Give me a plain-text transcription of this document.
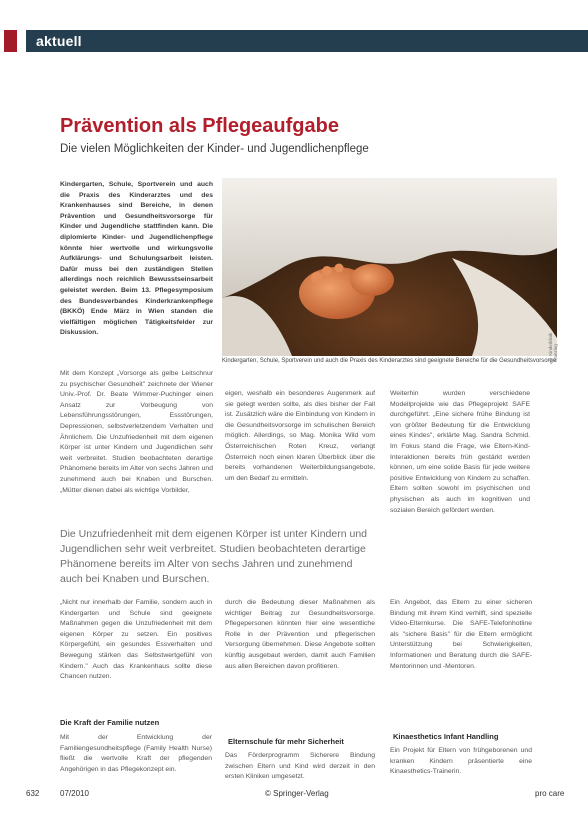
aktuell
Prävention als Pflegeaufgabe
Die vielen Möglichkeiten der Kinder- und Jugendlichenpflege

Kindergarten, Schule, Sportverein und auch die Praxis des Kinderarztes und des Krankenhauses sind Bereiche, in denen Prävention und Gesundheitsvorsorge für Kinder und Jugendliche stattfinden kann. Die diplomierte Kinder- und Jugendlichenpflege könnte hier wertvolle und wirkungsvolle Aufklärungs- und Schulungsarbeit leisten. Dafür muss bei den zuständigen Stellen allerdings noch reichlich Bewusstseinsarbeit geleistet werden. Beim 13. Pflegesymposium des Bundesverbandes Kinderkrankenpflege (BKKÖ) Ende März in Wien standen die vielfältigen möglichen Tätigkeitsfelder zur Diskussion.

Mit dem Konzept „Vorsorge als gelbe Leitschnur zu psychischer Gesundheit" zeichnete der Wiener Univ.-Prof. Dr. Beate Wimmer-Puchinger einen Ansatz zur Vorbeugung von Lebensführungsstörungen, Essstörungen, Depressionen, selbstverletzendem Verhalten und Ähnlichem. Die Unzufriedenheit mit dem eigenen Körper ist unter Kindern und Jugendlichen sehr weit verbreitet. Studien beobachteten derartige Phänomene bereits im Alter von sechs Jahren und zunehmend auch bei Knaben und Burschen. „Mütter dienen dabei als wichtige Vorbilder,

© Kinderklinik Glanzing
Kindergarten, Schule, Sportverein und auch die Praxis des Kinderarztes sind geeignete Bereiche für die Gesundheitsvorsorge

eigen, weshalb ein besonderes Augenmerk auf sie gelegt werden sollte, als dies bisher der Fall ist. Zusätzlich wäre die Einbindung von Kindern in die Gesundheitsvorsorge im schulischen Bereich möglich. Allerdings, so Mag. Monika Wild vom Österreichischen Roten Kreuz, verlangt Österreich noch einen klaren Überblick über die bereits vorhandenen Weiterbildungsangebote, um den Bedarf zu ermitteln.

Weiterhin wurden verschiedene Modellprojekte wie das Pflegeprojekt SAFE durchgeführt. „Eine sichere frühe Bindung ist von größter Bedeutung für die Entwicklung eines Kindes", erklärte Mag. Sandra Schmid. Im Fokus stand die Frage, wie Eltern-Kind-Interaktionen bereits früh gestärkt werden können, um eine solide Basis für jede weitere positive Entwicklung von Kindern zu schaffen. Eltern sollten sowohl im psychischen und physischen als auch im kognitiven und sozialen Bereich gefördert werden.

Die Unzufriedenheit mit dem eigenen Körper ist unter Kindern und Jugendlichen sehr weit verbreitet. Studien beobachteten derartige Phänomene bereits im Alter von sechs Jahren und zunehmend auch bei Knaben und Burschen.

„Nicht nur innerhalb der Familie, sondern auch in Kindergarten und Schule sind geeignete Maßnahmen gegen die Unzufriedenheit mit dem eigenen Körper zu setzen. Ein positives Körpergefühl, ein gesundes Essverhalten und Bewegung stärken das Selbstwertgefühl von Kindern." Auch das Krankenhaus sollte diese Chancen nutzen.

durch die Bedeutung dieser Maßnahmen als wichtiger Beitrag zur Gesundheitsvorsorge. Pflegepersonen könnten hier eine wesentliche Rolle in der Prävention und pflegerischen Versorgung übernehmen. Diese Angebote sollten künftig ausgebaut werden, damit auch Familien aus allen Bereichen davon profitieren.

Ein Angebot, das Eltern zu einer sicheren Bindung mit ihrem Kind verhilft, sind spezielle Video-Elternkurse. Die SAFE-Telefonhotline als "sichere Basis" für die Eltern ermöglicht Unterstützung bei Schwierigkeiten, Informationen und Beratung durch die SAFE-Mentorinnen und -Mentoren.

Die Kraft der Familie nutzen
Elternschule für mehr Sicherheit
Kinaesthetics Infant Handling

Mit der Entwicklung der Familiengesundheitspflege (Family Health Nurse) fließt die wertvolle Kraft der pflegenden Angehörigen in das Pflegekonzept ein.

Das Förderprogramm Sicherere Bindung zwischen Eltern und Kind wird derzeit in den ersten Kliniken umgesetzt.

Ein Projekt für Eltern von frühgeborenen und kranken Kindern präsentierte eine Kinaesthetics-Trainerin.

632	07/2010	© Springer-Verlag	pro care
